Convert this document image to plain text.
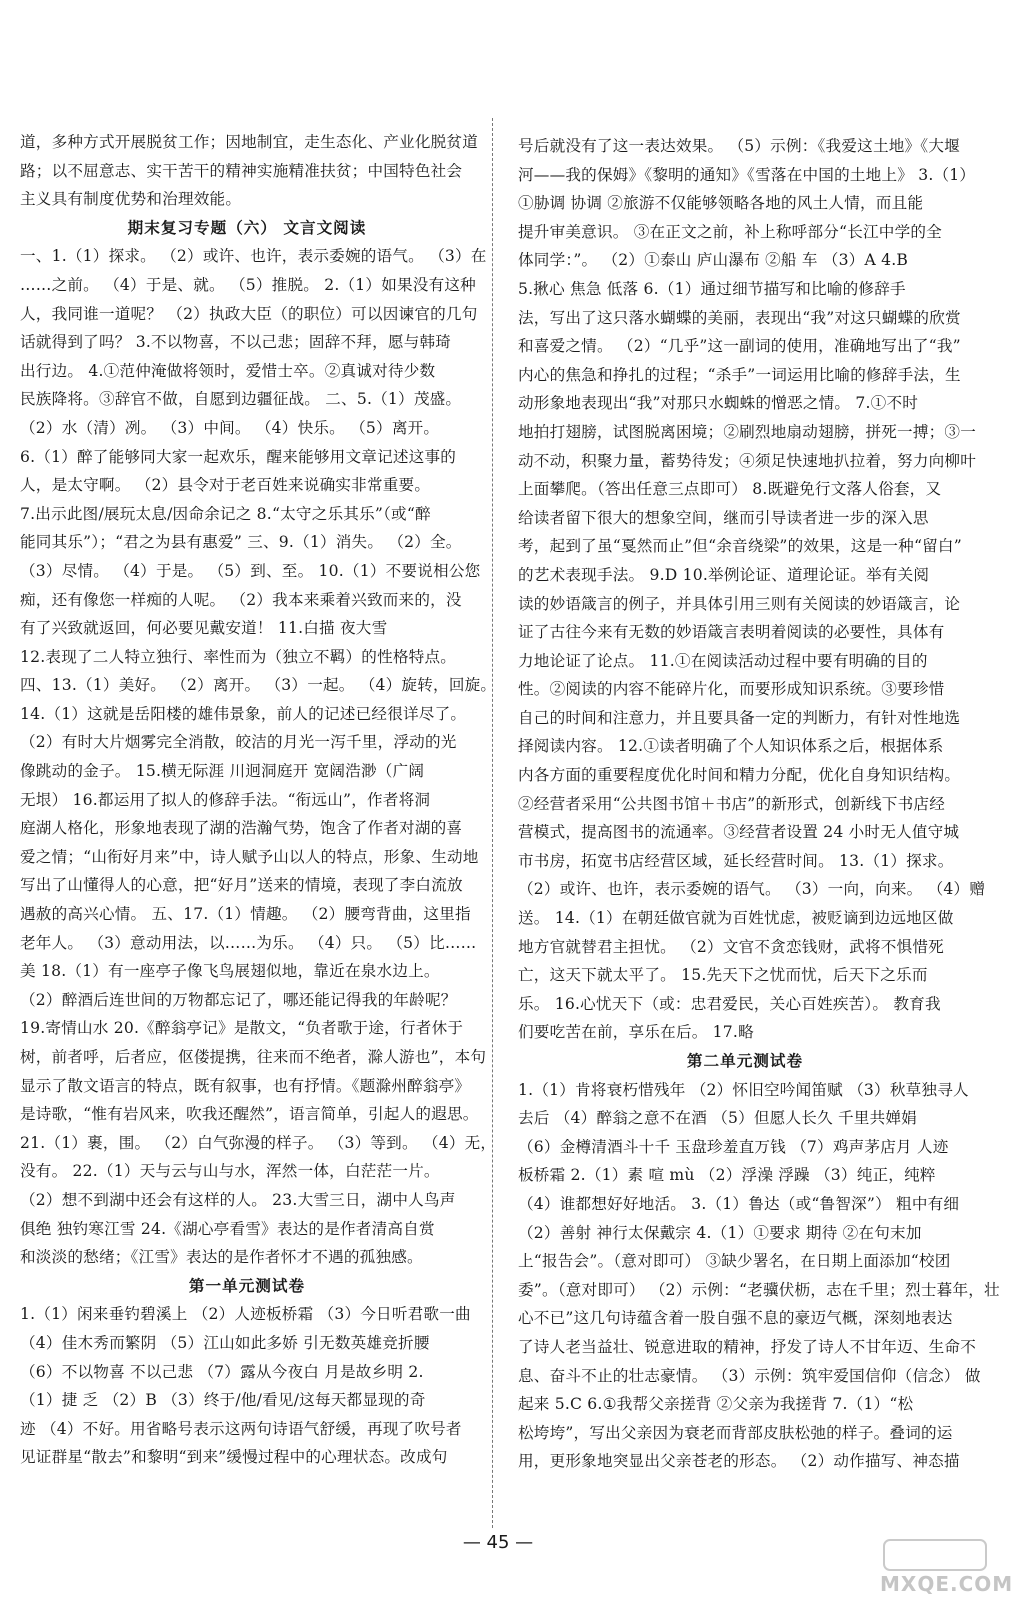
道，多种方式开展脱贫工作；因地制宜，走生态化、产业化脱贫道
路；以不屈意志、实干苦干的精神实施精准扶贫；中国特色社会
主义具有制度优势和治理效能。
期末复习专题（六） 文言文阅读
一、1.（1）探求。 （2）或许、也许，表示委婉的语气。 （3）在
……之前。 （4）于是、就。 （5）推脱。 2.（1）如果没有这种
人，我同谁一道呢？ （2）执政大臣（的职位）可以因谏官的几句
话就得到了吗？ 3.不以物喜，不以己悲；固辞不拜，愿与韩琦
出行边。 4.①范仲淹做将领时，爱惜士卒。②真诚对待少数
民族降将。③辞官不做，自愿到边疆征战。 二、5.（1）茂盛。
（2）水（清）冽。 （3）中间。 （4）快乐。 （5）离开。
6.（1）醉了能够同大家一起欢乐，醒来能够用文章记述这事的
人，是太守啊。 （2）县令对于老百姓来说确实非常重要。
7.出示此图/展玩太息/因命余记之 8.“太守之乐其乐”（或“醉
能同其乐”）；“君之为县有惠爱” 三、9.（1）消失。 （2）全。
（3）尽情。 （4）于是。 （5）到、至。 10.（1）不要说相公您
痴，还有像您一样痴的人呢。 （2）我本来乘着兴致而来的，没
有了兴致就返回，何必要见戴安道！ 11.白描 夜大雪
12.表现了二人特立独行、率性而为（独立不羁）的性格特点。
四、13.（1）美好。 （2）离开。 （3）一起。 （4）旋转，回旋。
14.（1）这就是岳阳楼的雄伟景象，前人的记述已经很详尽了。
（2）有时大片烟雾完全消散，皎洁的月光一泻千里，浮动的光
像跳动的金子。 15.横无际涯 川迥洞庭开 宽阔浩渺（广阔
无垠） 16.都运用了拟人的修辞手法。“衔远山”，作者将洞
庭湖人格化，形象地表现了湖的浩瀚气势，饱含了作者对湖的喜
爱之情；“山衔好月来”中，诗人赋予山以人的特点，形象、生动地
写出了山懂得人的心意，把“好月”送来的情境，表现了李白流放
遇赦的高兴心情。 五、17.（1）情趣。 （2）腰弯背曲，这里指
老年人。 （3）意动用法，以……为乐。 （4）只。 （5）比……
美 18.（1）有一座亭子像飞鸟展翅似地，靠近在泉水边上。
（2）醉酒后连世间的万物都忘记了，哪还能记得我的年龄呢？
19.寄情山水 20.《醉翁亭记》是散文，“负者歌于途，行者休于
树，前者呼，后者应，伛偻提携，往来而不绝者，滁人游也”，本句
显示了散文语言的特点，既有叙事，也有抒情。《题滁州醉翁亭》
是诗歌，“惟有岩风来，吹我还醒然”，语言简单，引起人的遐思。
21.（1）裹，围。 （2）白气弥漫的样子。 （3）等到。 （4）无，
没有。 22.（1）天与云与山与水，浑然一体，白茫茫一片。
（2）想不到湖中还会有这样的人。 23.大雪三日，湖中人鸟声
俱绝 独钓寒江雪 24.《湖心亭看雪》表达的是作者清高自赏
和淡淡的愁绪；《江雪》表达的是作者怀才不遇的孤独感。
第一单元测试卷
1.（1）闲来垂钓碧溪上 （2）人迹板桥霜 （3）今日听君歌一曲
（4）佳木秀而繁阴 （5）江山如此多娇 引无数英雄竞折腰
（6）不以物喜 不以己悲 （7）露从今夜白 月是故乡明 2.
（1）捷 乏 （2）B （3）终于/他/看见/这每天都显现的奇
迹 （4）不好。用省略号表示这两句诗语气舒缓，再现了吹号者
见证群星“散去”和黎明“到来”缓慢过程中的心理状态。改成句
号后就没有了这一表达效果。 （5）示例：《我爱这土地》《大堰
河——我的保姆》《黎明的通知》《雪落在中国的土地上》 3.（1）
①胁调 协调 ②旅游不仅能够领略各地的风土人情，而且能
提升审美意识。 ③在正文之前，补上称呼部分“长江中学的全
体同学：”。 （2）①泰山 庐山瀑布 ②船 车 （3）A 4.B
5.揪心 焦急 低落 6.（1）通过细节描写和比喻的修辞手
法，写出了这只落水蝴蝶的美丽，表现出“我”对这只蝴蝶的欣赏
和喜爱之情。 （2）“几乎”这一副词的使用，准确地写出了“我”
内心的焦急和挣扎的过程；“杀手”一词运用比喻的修辞手法，生
动形象地表现出“我”对那只水蜘蛛的憎恶之情。 7.①不时
地拍打翅膀，试图脱离困境；②刷烈地扇动翅膀，拼死一搏；③一
动不动，积聚力量，蓄势待发；④须足快速地扒拉着，努力向柳叶
上面攀爬。（答出任意三点即可） 8.既避免行文落人俗套，又
给读者留下很大的想象空间，继而引导读者进一步的深入思
考，起到了虽“戛然而止”但“余音绕梁”的效果，这是一种“留白”
的艺术表现手法。 9.D 10.举例论证、道理论证。举有关阅
读的妙语箴言的例子，并具体引用三则有关阅读的妙语箴言，论
证了古往今来有无数的妙语箴言表明着阅读的必要性，具体有
力地论证了论点。 11.①在阅读活动过程中要有明确的目的
性。②阅读的内容不能碎片化，而要形成知识系统。③要珍惜
自己的时间和注意力，并且要具备一定的判断力，有针对性地选
择阅读内容。 12.①读者明确了个人知识体系之后，根据体系
内各方面的重要程度优化时间和精力分配，优化自身知识结构。
②经营者采用“公共图书馆＋书店”的新形式，创新线下书店经
营模式，提高图书的流通率。③经营者设置 24 小时无人值守城
市书房，拓宽书店经营区域，延长经营时间。 13.（1）探求。
（2）或许、也许，表示委婉的语气。 （3）一向，向来。 （4）赠
送。 14.（1）在朝廷做官就为百姓忧虑，被贬谪到边远地区做
地方官就替君主担忧。 （2）文官不贪恋钱财，武将不惧惜死
亡，这天下就太平了。 15.先天下之忧而忧，后天下之乐而
乐。 16.心忧天下（或：忠君爱民，关心百姓疾苦）。 教育我
们要吃苦在前，享乐在后。 17.略
第二单元测试卷
1.（1）肯将衰朽惜残年 （2）怀旧空吟闻笛赋 （3）秋草独寻人
去后 （4）醉翁之意不在酒 （5）但愿人长久 千里共婵娟
（6）金樽清酒斗十千 玉盘珍羞直万钱 （7）鸡声茅店月 人迹
板桥霜 2.（1）素 喧 mù （2）浮澡 浮躁 （3）纯正，纯粹
（4）谁都想好好地活。 3.（1）鲁达（或“鲁智深”） 粗中有细
（2）善射 神行太保戴宗 4.（1）①要求 期待 ②在句末加
上“报告会”。（意对即可） ③缺少署名，在日期上面添加“校团
委”。（意对即可） （2）示例：“老骥伏枥，志在千里；烈士暮年，壮
心不已”这几句诗蕴含着一股自强不息的豪迈气概，深刻地表达
了诗人老当益壮、锐意进取的精神，抒发了诗人不甘年迈、生命不
息、奋斗不止的壮志豪情。 （3）示例：筑牢爱国信仰（信念） 做
起来 5.C 6.①我帮父亲搓背 ②父亲为我搓背 7.（1）“松
松垮垮”，写出父亲因为衰老而背部皮肤松弛的样子。叠词的运
用，更形象地突显出父亲苍老的形态。 （2）动作描写、神态描
— 45 —
MXQE.COM
